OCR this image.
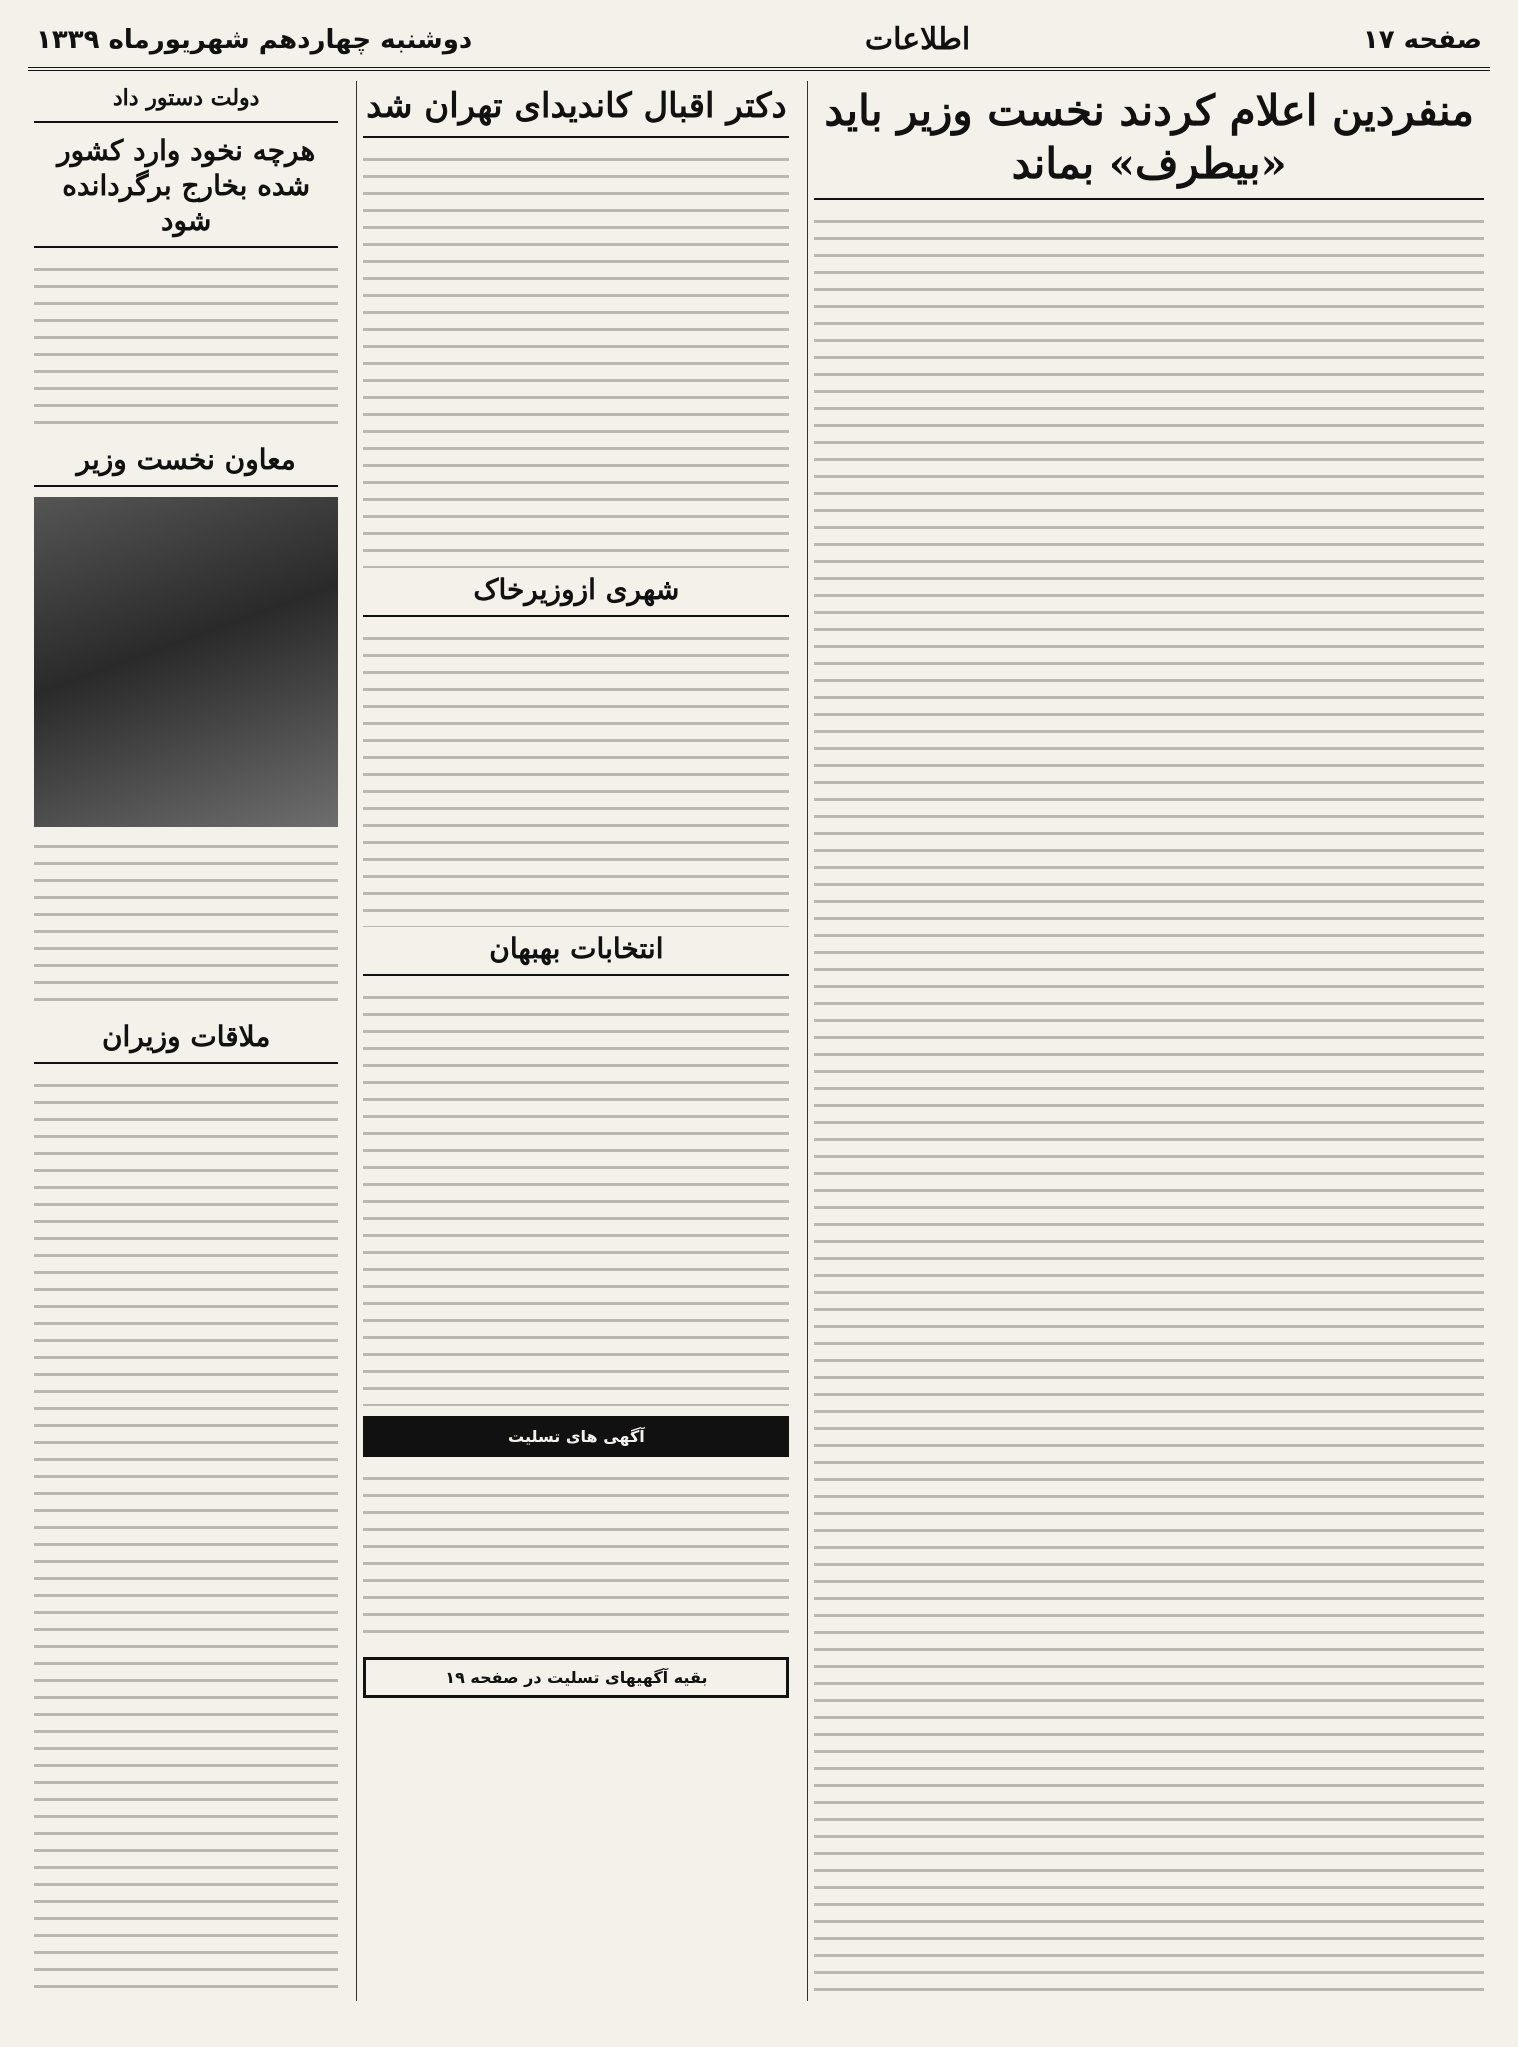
صفحه ۱۷
اطلاعات
دوشنبه چهاردهم شهریورماه ۱۳۳۹
منفردین اعلام کردند نخست وزیر باید «بیطرف» بماند
دکتر اقبال کاندیدای تهران شد
شهری ازوزیرخاک
انتخابات بهبهان
آگهی های تسلیت
بقیه آگهیهای تسلیت در صفحه ۱۹
دولت دستور داد
هرچه نخود وارد کشور شده بخارج برگردانده شود
معاون نخست وزیر
ملاقات وزیران
